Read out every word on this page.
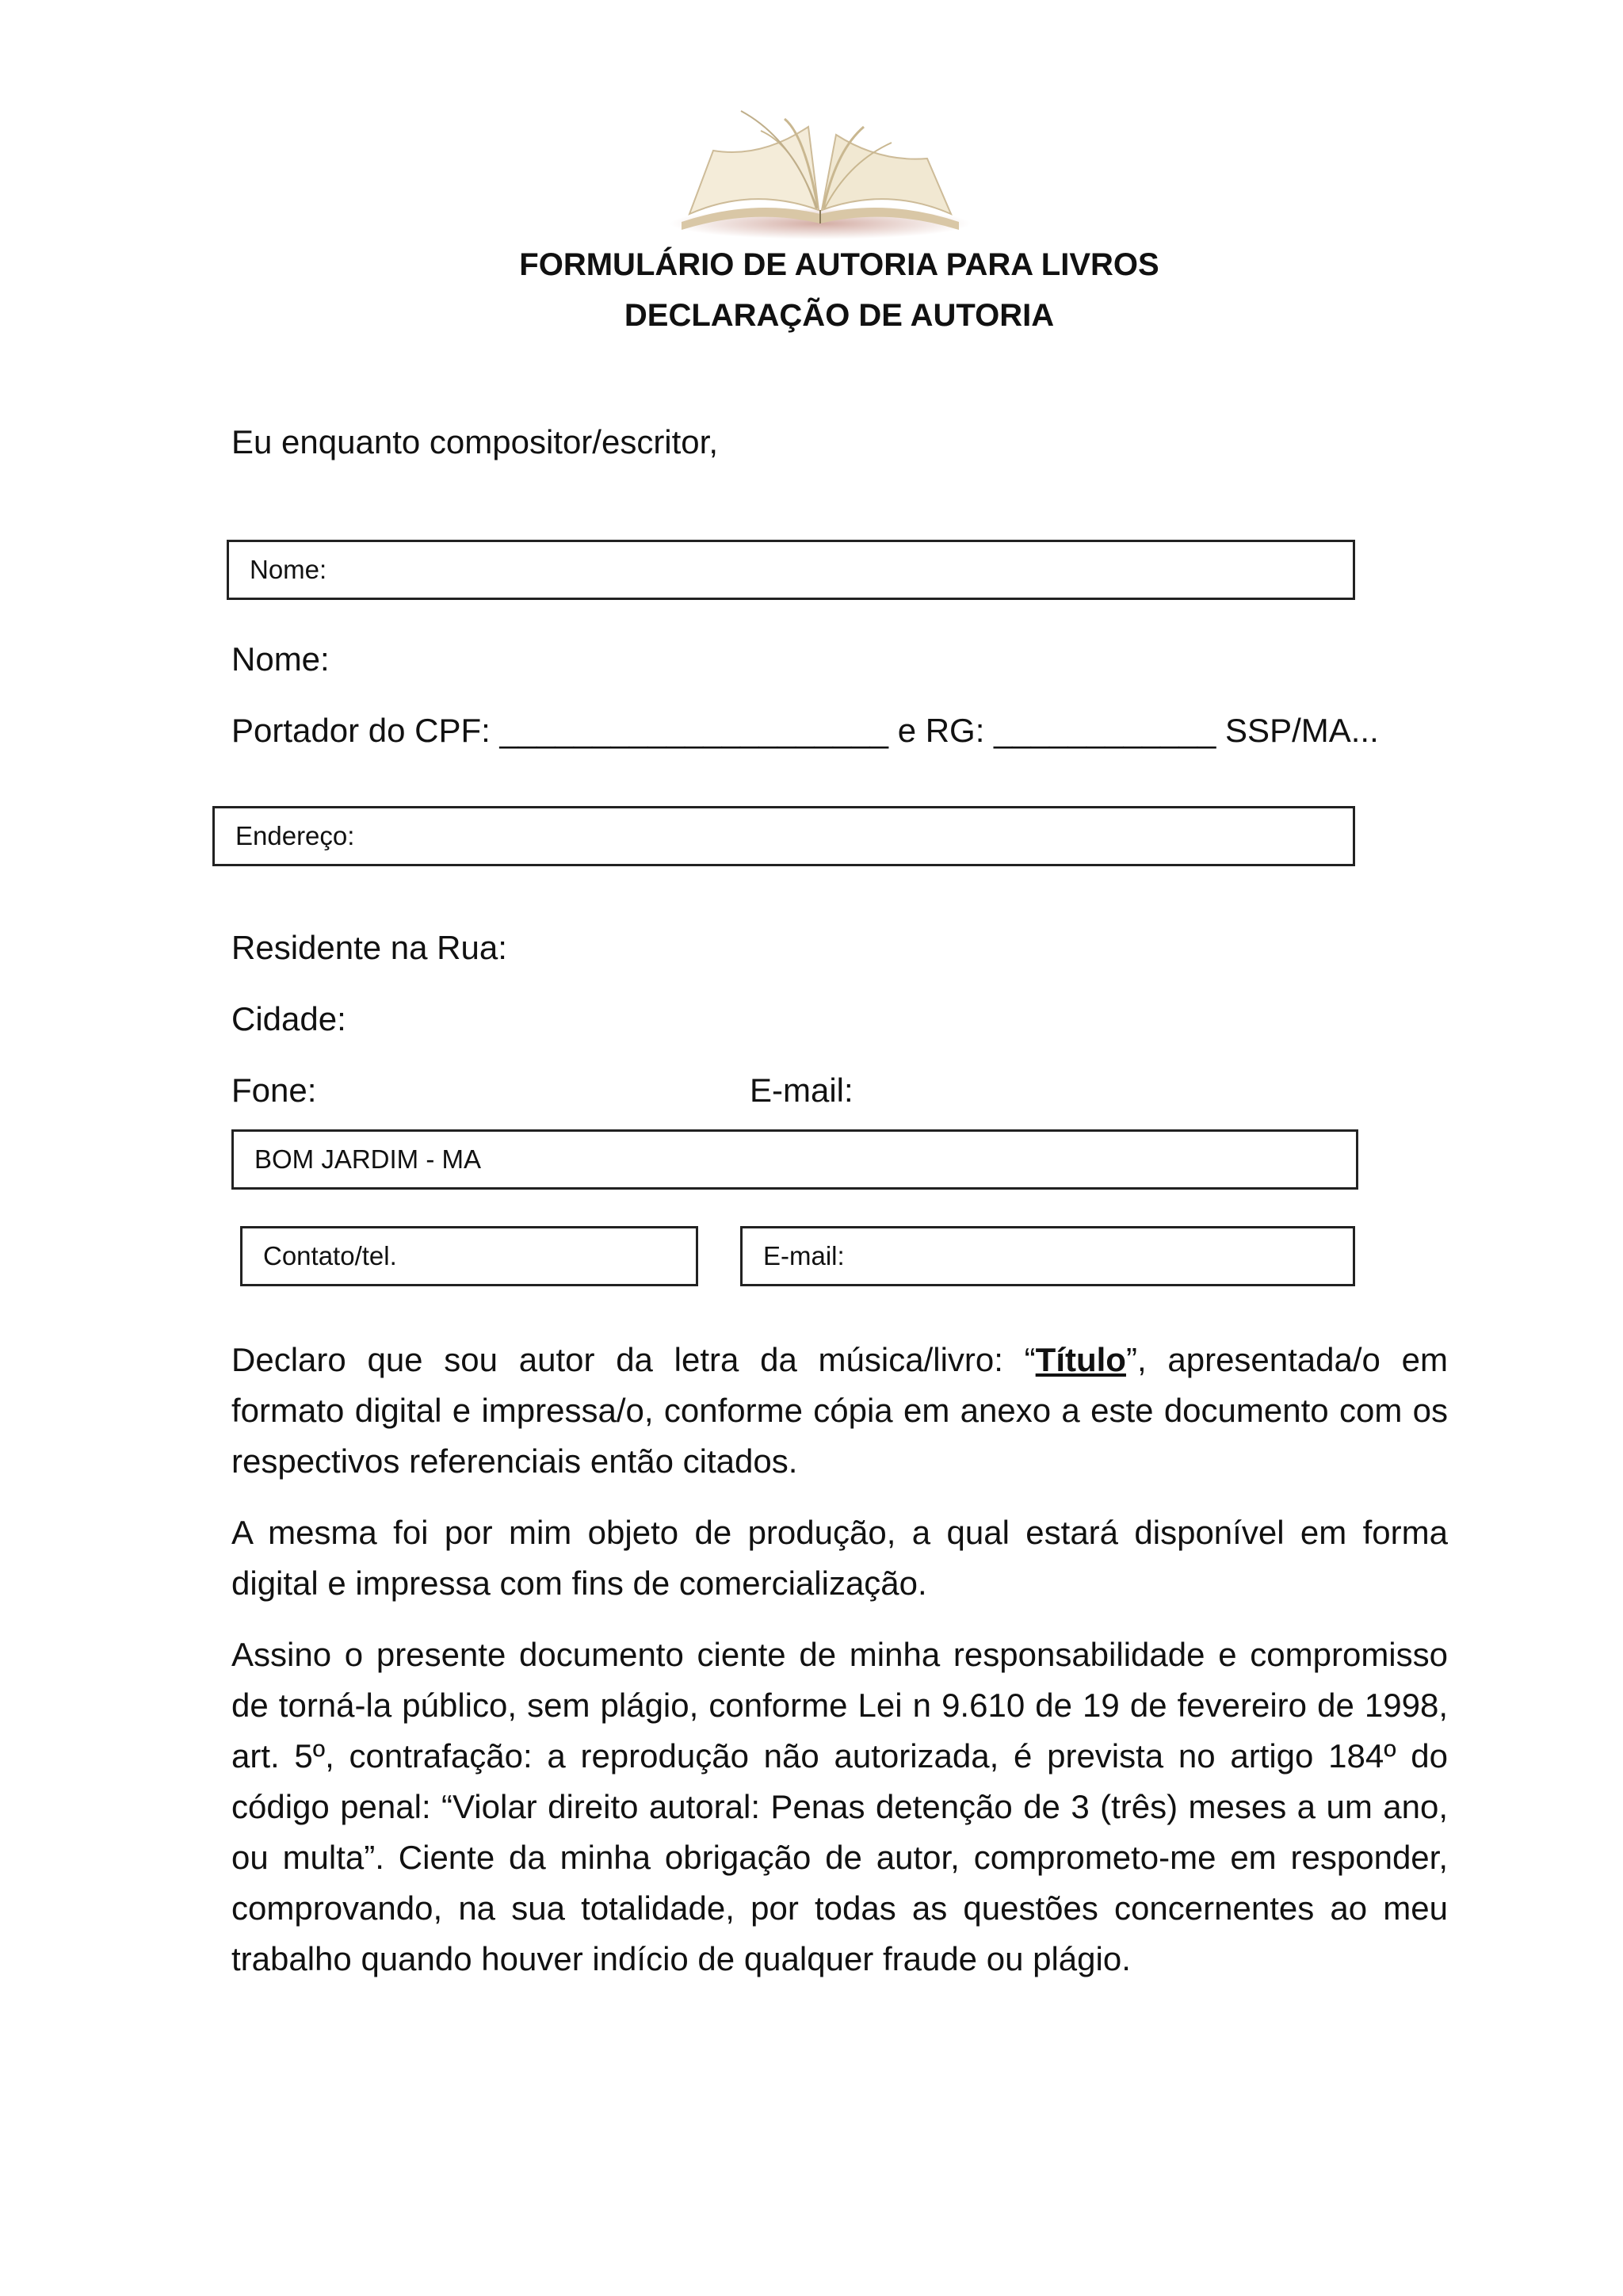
FORMULÁRIO DE AUTORIA PARA LIVROS
DECLARAÇÃO DE AUTORIA
Eu enquanto compositor/escritor,
Nome:
Nome:
Portador do CPF: _____________________ e RG: ____________ SSP/MA...
Endereço:
Residente na Rua:
Cidade:
Fone:	E-mail:
BOM JARDIM - MA
Contato/tel.	E-mail:

Declaro que sou autor da letra da música/livro: “Título”, apresentada/o em formato digital e impressa/o, conforme cópia em anexo a este documento com os respectivos referenciais então citados.

A mesma foi por mim objeto de produção, a qual estará disponível em forma digital e impressa com fins de comercialização.

Assino o presente documento ciente de minha responsabilidade e compromisso de torná-la público, sem plágio, conforme Lei n 9.610 de 19 de fevereiro de 1998, art. 5º, contrafação: a reprodução não autorizada, é prevista no artigo 184º do código penal: “Violar direito autoral: Penas detenção de 3 (três) meses a um ano, ou multa”. Ciente da minha obrigação de autor, comprometo-me em responder, comprovando, na sua totalidade, por todas as questões concernentes ao meu trabalho quando houver indício de qualquer fraude ou plágio.
